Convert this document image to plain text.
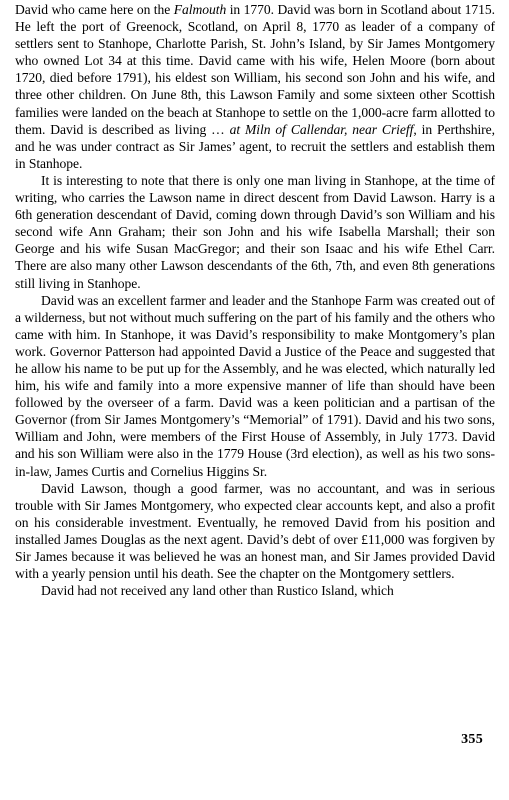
David who came here on the Falmouth in 1770. David was born in Scotland about 1715. He left the port of Greenock, Scotland, on April 8, 1770 as leader of a company of settlers sent to Stanhope, Charlotte Parish, St. John’s Island, by Sir James Montgomery who owned Lot 34 at this time. David came with his wife, Helen Moore (born about 1720, died before 1791), his eldest son William, his second son John and his wife, and three other children. On June 8th, this Lawson Family and some sixteen other Scottish families were landed on the beach at Stanhope to settle on the 1,000-acre farm allotted to them. David is described as living … at Miln of Callendar, near Crieff, in Perthshire, and he was under contract as Sir James’ agent, to recruit the settlers and establish them in Stanhope.

It is interesting to note that there is only one man living in Stanhope, at the time of writing, who carries the Lawson name in direct descent from David Lawson. Harry is a 6th generation descendant of David, coming down through David’s son William and his second wife Ann Graham; their son John and his wife Isabella Marshall; their son George and his wife Susan MacGregor; and their son Isaac and his wife Ethel Carr. There are also many other Lawson descendants of the 6th, 7th, and even 8th generations still living in Stanhope.

David was an excellent farmer and leader and the Stanhope Farm was created out of a wilderness, but not without much suffering on the part of his family and the others who came with him. In Stanhope, it was David’s responsibility to make Montgomery’s plan work. Governor Patterson had appointed David a Justice of the Peace and suggested that he allow his name to be put up for the Assembly, and he was elected, which naturally led him, his wife and family into a more expensive manner of life than should have been followed by the overseer of a farm. David was a keen politician and a partisan of the Governor (from Sir James Montgomery’s “Memorial” of 1791). David and his two sons, William and John, were members of the First House of Assembly, in July 1773. David and his son William were also in the 1779 House (3rd election), as well as his two sons-in-law, James Curtis and Cornelius Higgins Sr.

David Lawson, though a good farmer, was no accountant, and was in serious trouble with Sir James Montgomery, who expected clear accounts kept, and also a profit on his considerable investment. Eventually, he removed David from his position and installed James Douglas as the next agent. David’s debt of over £11,000 was forgiven by Sir James because it was believed he was an honest man, and Sir James provided David with a yearly pension until his death. See the chapter on the Montgomery settlers.

David had not received any land other than Rustico Island, which

355
